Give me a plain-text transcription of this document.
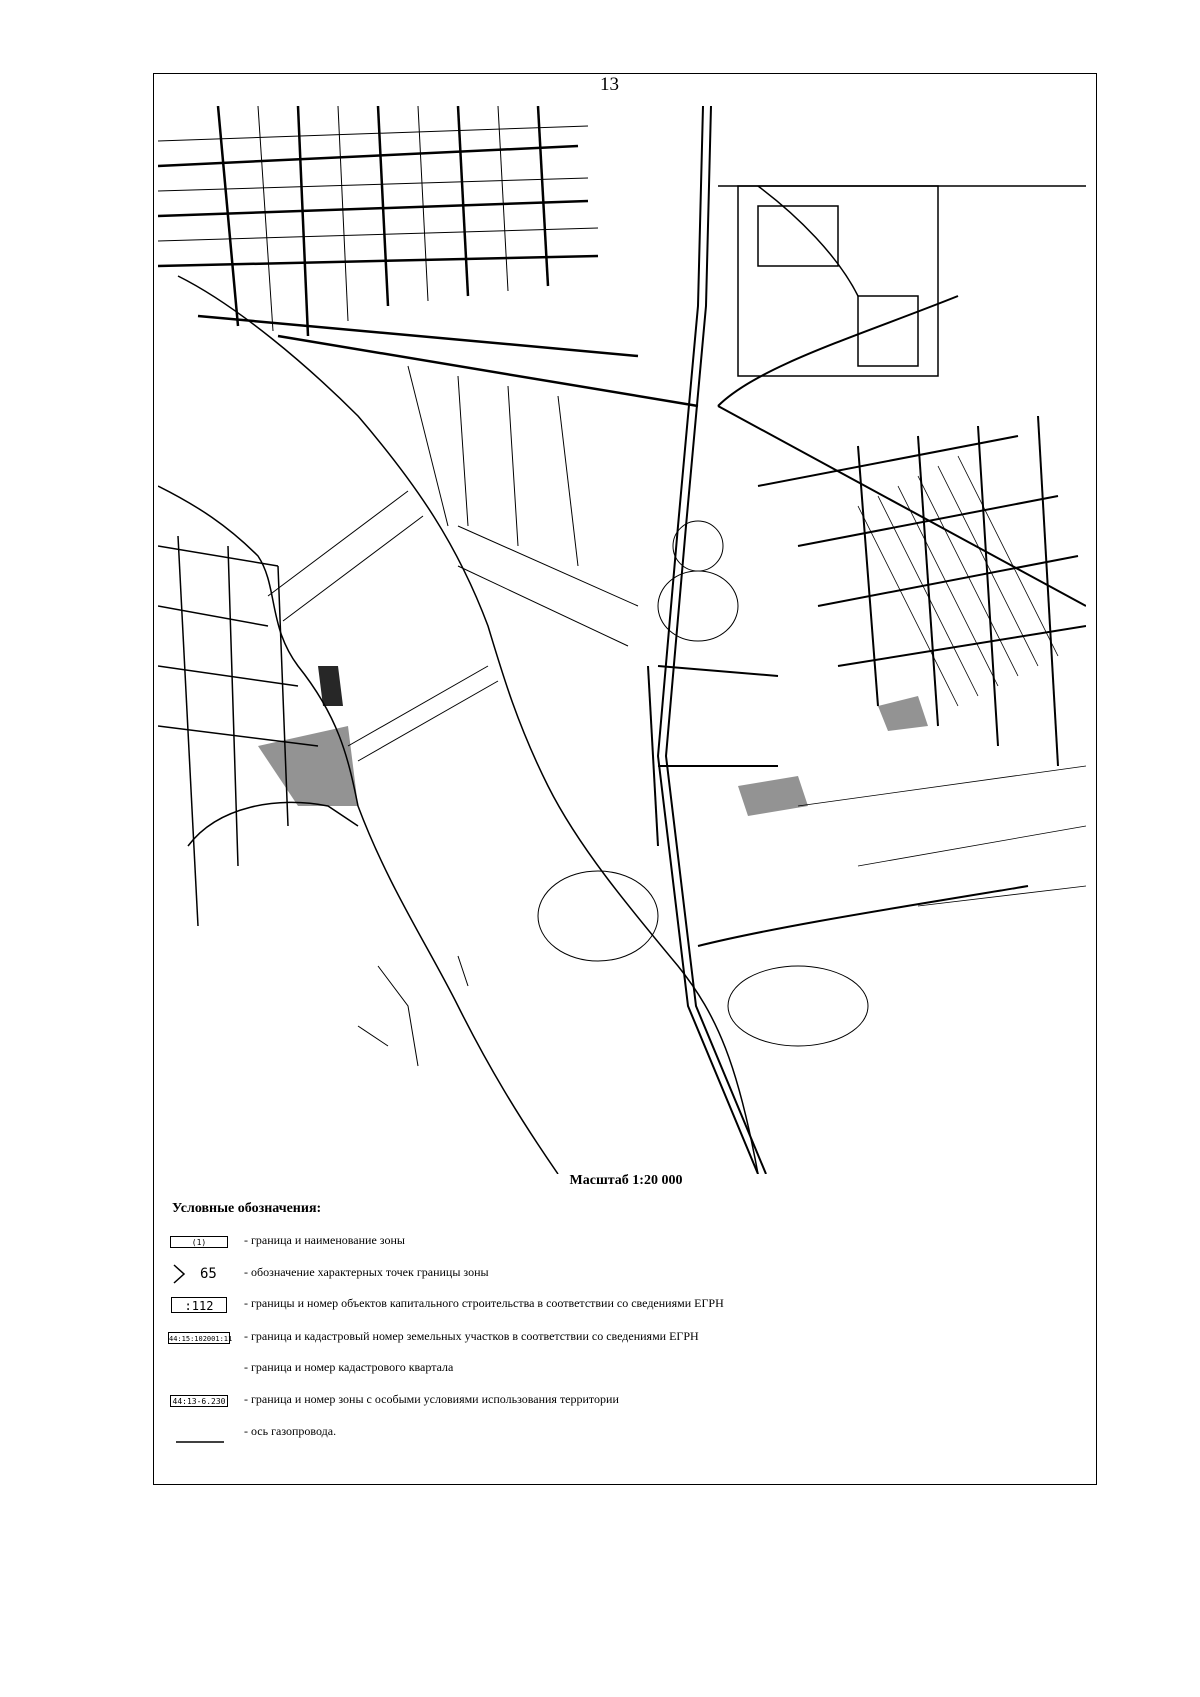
13
Масштаб 1:20 000
Условные обозначения:
(1)	- граница и наименование зоны
65 - обозначение характерных точек границы зоны
:112	- границы и номер объектов капитального строительства в соответствии со сведениями ЕГРН
44:15:102001:11 - граница и кадастровый номер земельных участков в соответствии со сведениями ЕГРН
- граница и номер кадастрового квартала
44:13-6.230 - граница и номер зоны с особыми условиями использования территории
- ось газопровода.
